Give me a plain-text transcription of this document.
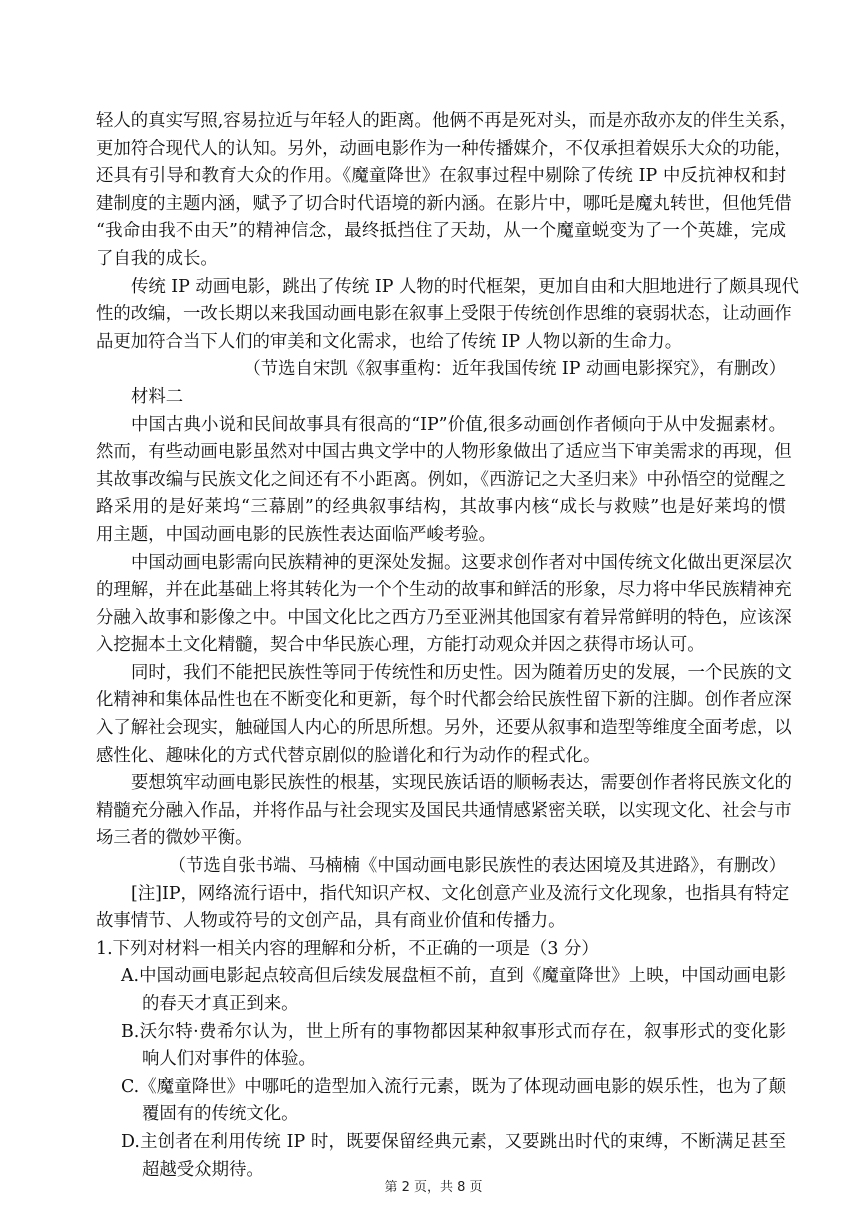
轻人的真实写照,容易拉近与年轻人的距离。他俩不再是死对头，而是亦敌亦友的伴生关系，
更加符合现代人的认知。另外，动画电影作为一种传播媒介，不仅承担着娱乐大众的功能，
还具有引导和教育大众的作用。《魔童降世》在叙事过程中剔除了传统 IP 中反抗神权和封
建制度的主题内涵，赋予了切合时代语境的新内涵。在影片中，哪吒是魔丸转世，但他凭借
“我命由我不由天”的精神信念，最终抵挡住了天劫，从一个魔童蜕变为了一个英雄，完成
了自我的成长。
传统 IP 动画电影，跳出了传统 IP 人物的时代框架，更加自由和大胆地进行了颇具现代
性的改编，一改长期以来我国动画电影在叙事上受限于传统创作思维的衰弱状态，让动画作
品更加符合当下人们的审美和文化需求，也给了传统 IP 人物以新的生命力。
（节选自宋凯《叙事重构：近年我国传统 IP 动画电影探究》，有删改）
材料二
中国古典小说和民间故事具有很高的“IP”价值,很多动画创作者倾向于从中发掘素材。
然而，有些动画电影虽然对中国古典文学中的人物形象做出了适应当下审美需求的再现，但
其故事改编与民族文化之间还有不小距离。例如，《西游记之大圣归来》中孙悟空的觉醒之
路采用的是好莱坞“三幕剧”的经典叙事结构，其故事内核“成长与救赎”也是好莱坞的惯
用主题，中国动画电影的民族性表达面临严峻考验。
中国动画电影需向民族精神的更深处发掘。这要求创作者对中国传统文化做出更深层次
的理解，并在此基础上将其转化为一个个生动的故事和鲜活的形象，尽力将中华民族精神充
分融入故事和影像之中。中国文化比之西方乃至亚洲其他国家有着异常鲜明的特色，应该深
入挖掘本土文化精髓，契合中华民族心理，方能打动观众并因之获得市场认可。
同时，我们不能把民族性等同于传统性和历史性。因为随着历史的发展，一个民族的文
化精神和集体品性也在不断变化和更新，每个时代都会给民族性留下新的注脚。创作者应深
入了解社会现实，触碰国人内心的所思所想。另外，还要从叙事和造型等维度全面考虑，以
感性化、趣味化的方式代替京剧似的脸谱化和行为动作的程式化。
要想筑牢动画电影民族性的根基，实现民族话语的顺畅表达，需要创作者将民族文化的
精髓充分融入作品，并将作品与社会现实及国民共通情感紧密关联，以实现文化、社会与市
场三者的微妙平衡。
（节选自张书端、马楠楠《中国动画电影民族性的表达困境及其进路》，有删改）
[注]IP，网络流行语中，指代知识产权、文化创意产业及流行文化现象，也指具有特定
故事情节、人物或符号的文创产品，具有商业价值和传播力。
1.下列对材料一相关内容的理解和分析，不正确的一项是（3 分）
A.中国动画电影起点较高但后续发展盘桓不前，直到《魔童降世》上映，中国动画电影
的春天才真正到来。
B.沃尔特·费希尔认为，世上所有的事物都因某种叙事形式而存在，叙事形式的变化影
响人们对事件的体验。
C.《魔童降世》中哪吒的造型加入流行元素，既为了体现动画电影的娱乐性，也为了颠
覆固有的传统文化。
D.主创者在利用传统 IP 时，既要保留经典元素，又要跳出时代的束缚，不断满足甚至
超越受众期待。
第 2 页，共 8 页
